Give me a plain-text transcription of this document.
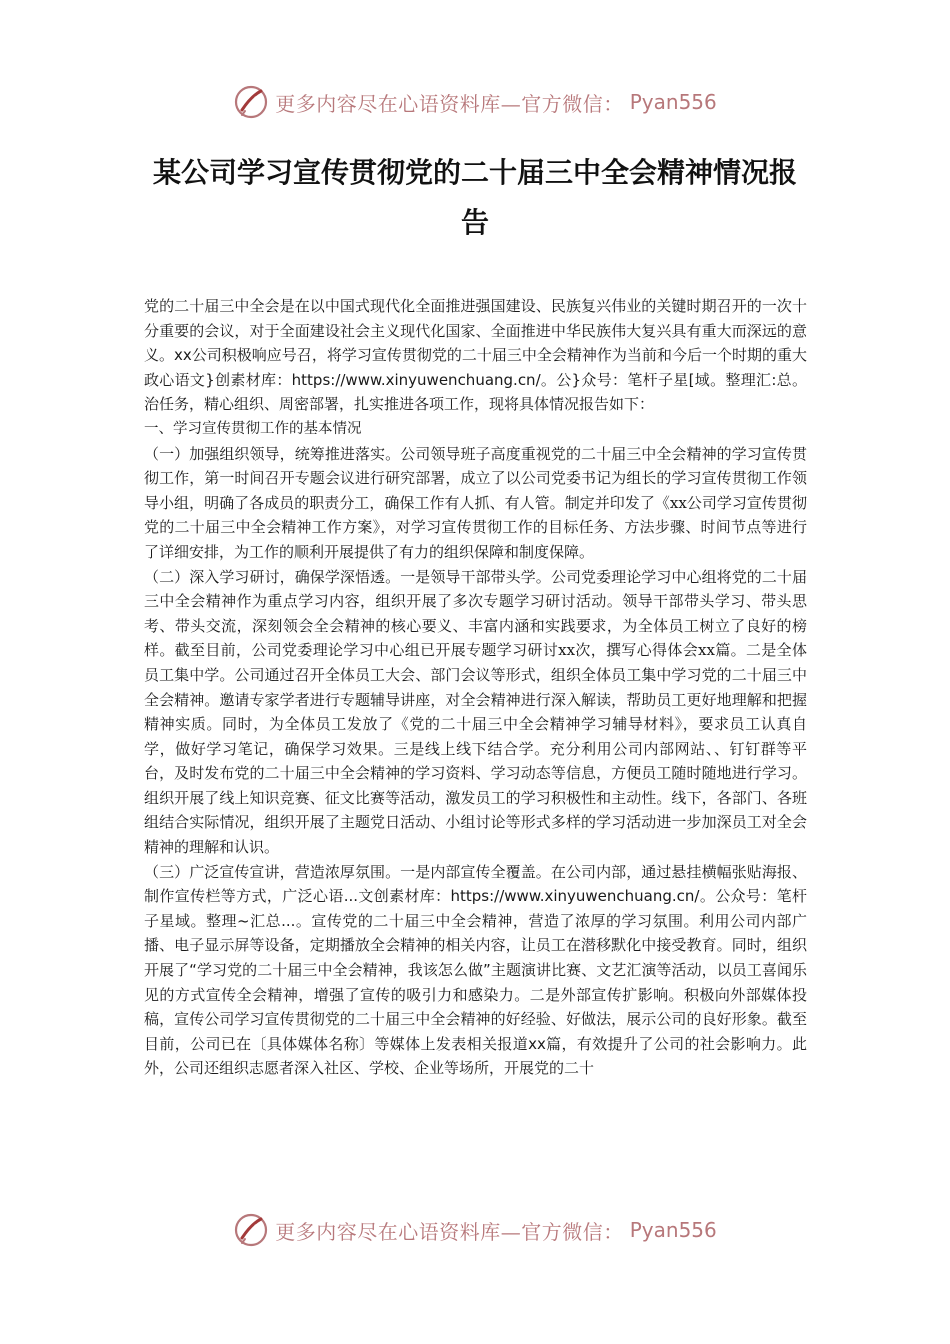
更多内容尽在心语资料库—官方微信： Pyan556
某公司学习宣传贯彻党的二十届三中全会精神情况报
告

党的二十届三中全会是在以中国式现代化全面推进强国建设、民族复兴伟业的关键时期召开的一次十分重要的会议，对于全面建设社会主义现代化国家、全面推进中华民族伟大复兴具有重大而深远的意义。xx公司积极响应号召，将学习宣传贯彻党的二十届三中全会精神作为当前和今后一个时期的重大政心语文}创素材库：https://www.xinyuwenchuang.cn/。公}众号：笔杆子星[域。整理汇:总。治任务，精心组织、周密部署，扎实推进各项工作，现将具体情况报告如下：

一、学习宣传贯彻工作的基本情况

（一）加强组织领导，统筹推进落实。公司领导班子高度重视党的二十届三中全会精神的学习宣传贯彻工作，第一时间召开专题会议进行研究部署，成立了以公司党委书记为组长的学习宣传贯彻工作领导小组，明确了各成员的职责分工，确保工作有人抓、有人管。制定并印发了《xx公司学习宣传贯彻党的二十届三中全会精神工作方案》，对学习宣传贯彻工作的目标任务、方法步骤、时间节点等进行了详细安排，为工作的顺利开展提供了有力的组织保障和制度保障。

（二）深入学习研讨，确保学深悟透。一是领导干部带头学。公司党委理论学习中心组将党的二十届三中全会精神作为重点学习内容，组织开展了多次专题学习研讨活动。领导干部带头学习、带头思考、带头交流，深刻领会全会精神的核心要义、丰富内涵和实践要求，为全体员工树立了良好的榜样。截至目前，公司党委理论学习中心组已开展专题学习研讨xx次，撰写心得体会xx篇。二是全体员工集中学。公司通过召开全体员工大会、部门会议等形式，组织全体员工集中学习党的二十届三中全会精神。邀请专家学者进行专题辅导讲座，对全会精神进行深入解读，帮助员工更好地理解和把握精神实质。同时，为全体员工发放了《党的二十届三中全会精神学习辅导材料》，要求员工认真自学，做好学习笔记，确保学习效果。三是线上线下结合学。充分利用公司内部网站、、钉钉群等平台，及时发布党的二十届三中全会精神的学习资料、学习动态等信息，方便员工随时随地进行学习。组织开展了线上知识竞赛、征文比赛等活动，激发员工的学习积极性和主动性。线下，各部门、各班组结合实际情况，组织开展了主题党日活动、小组讨论等形式多样的学习活动进一步加深员工对全会精神的理解和认识。

（三）广泛宣传宣讲，营造浓厚氛围。一是内部宣传全覆盖。在公司内部，通过悬挂横幅张贴海报、制作宣传栏等方式，广泛心语...文创素材库：https://www.xinyuwenchuang.cn/。公众号：笔杆子星域。整理~汇总...。宣传党的二十届三中全会精神，营造了浓厚的学习氛围。利用公司内部广播、电子显示屏等设备，定期播放全会精神的相关内容，让员工在潜移默化中接受教育。同时，组织开展了“学习党的二十届三中全会精神，我该怎么做”主题演讲比赛、文艺汇演等活动，以员工喜闻乐见的方式宣传全会精神，增强了宣传的吸引力和感染力。二是外部宣传扩影响。积极向外部媒体投稿，宣传公司学习宣传贯彻党的二十届三中全会精神的好经验、好做法，展示公司的良好形象。截至目前，公司已在〔具体媒体名称〕等媒体上发表相关报道xx篇，有效提升了公司的社会影响力。此外，公司还组织志愿者深入社区、学校、企业等场所，开展党的二十

更多内容尽在心语资料库—官方微信： Pyan556
